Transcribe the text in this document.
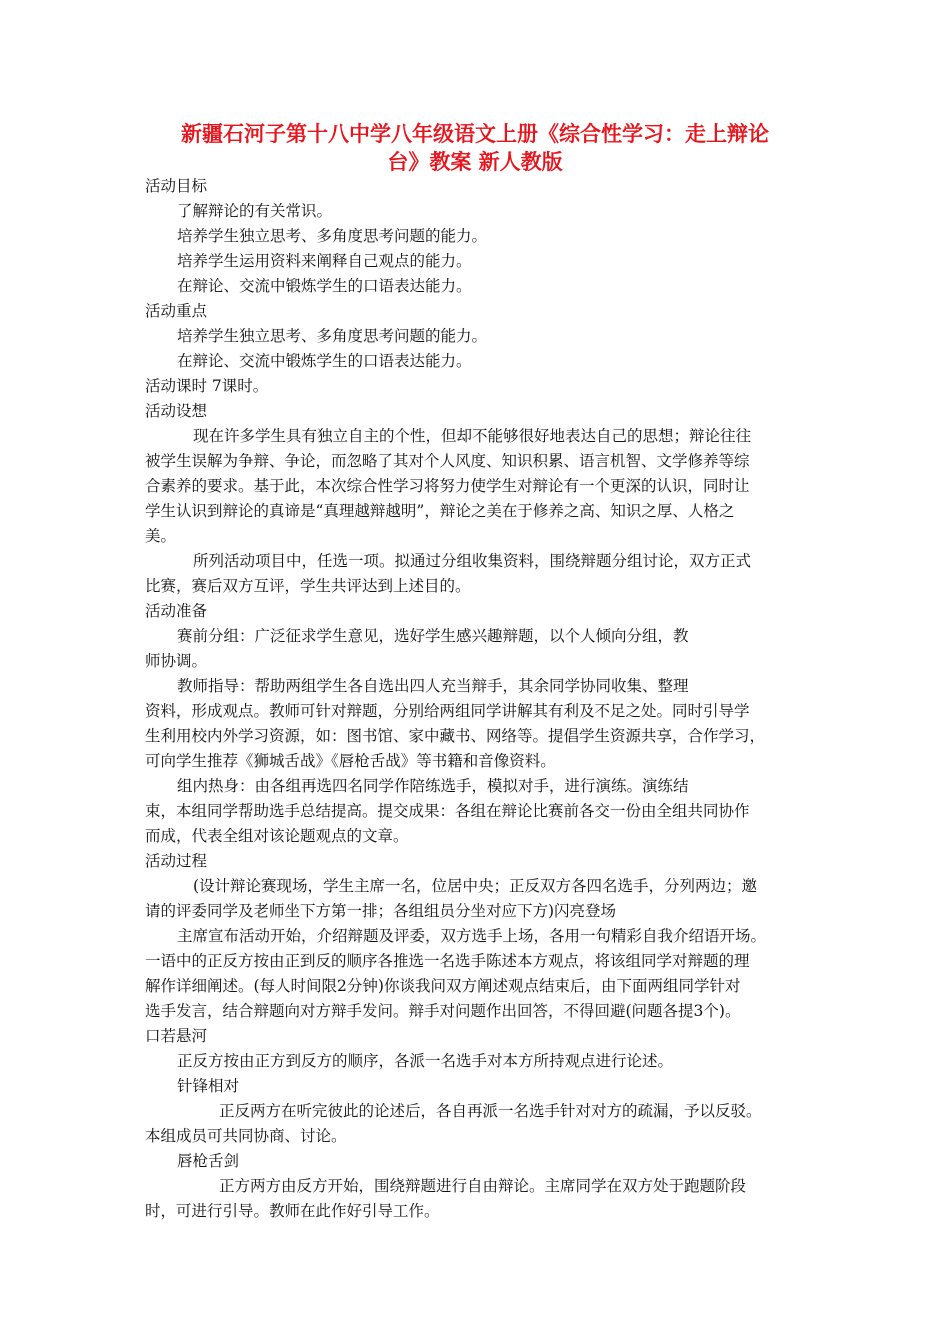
新疆石河子第十八中学八年级语文上册《综合性学习：走上辩论
台》教案 新人教版
活动目标
了解辩论的有关常识。
培养学生独立思考、多角度思考问题的能力。
培养学生运用资料来阐释自己观点的能力。
在辩论、交流中锻炼学生的口语表达能力。
活动重点
培养学生独立思考、多角度思考问题的能力。
在辩论、交流中锻炼学生的口语表达能力。
活动课时 7课时。
活动设想
现在许多学生具有独立自主的个性，但却不能够很好地表达自己的思想；辩论往往
被学生误解为争辩、争论，而忽略了其对个人风度、知识积累、语言机智、文学修养等综
合素养的要求。基于此，本次综合性学习将努力使学生对辩论有一个更深的认识，同时让
学生认识到辩论的真谛是“真理越辩越明”，辩论之美在于修养之高、知识之厚、人格之
美。
所列活动项目中，任选一项。拟通过分组收集资料，围绕辩题分组讨论，双方正式
比赛，赛后双方互评，学生共评达到上述目的。
活动准备
赛前分组：广泛征求学生意见，选好学生感兴趣辩题，以个人倾向分组，教
师协调。
教师指导：帮助两组学生各自选出四人充当辩手，其余同学协同收集、整理
资料，形成观点。教师可针对辩题，分别给两组同学讲解其有利及不足之处。同时引导学
生利用校内外学习资源，如：图书馆、家中藏书、网络等。提倡学生资源共享，合作学习，
可向学生推荐《狮城舌战》《唇枪舌战》等书籍和音像资料。
组内热身：由各组再选四名同学作陪练选手，模拟对手，进行演练。演练结
束，本组同学帮助选手总结提高。提交成果：各组在辩论比赛前各交一份由全组共同协作
而成，代表全组对该论题观点的文章。
活动过程
(设计辩论赛现场，学生主席一名，位居中央；正反双方各四名选手，分列两边；邀
请的评委同学及老师坐下方第一排；各组组员分坐对应下方)闪亮登场
主席宣布活动开始，介绍辩题及评委，双方选手上场，各用一句精彩自我介绍语开场。
一语中的正反方按由正到反的顺序各推选一名选手陈述本方观点，将该组同学对辩题的理
解作详细阐述。(每人时间限2分钟)你谈我问双方阐述观点结束后，由下面两组同学针对
选手发言，结合辩题向对方辩手发问。辩手对问题作出回答，不得回避(问题各提3个)。
口若悬河
正反方按由正方到反方的顺序，各派一名选手对本方所持观点进行论述。
针锋相对
正反两方在听完彼此的论述后，各自再派一名选手针对对方的疏漏，予以反驳。
本组成员可共同协商、讨论。
唇枪舌剑
正方两方由反方开始，围绕辩题进行自由辩论。主席同学在双方处于跑题阶段
时，可进行引导。教师在此作好引导工作。
